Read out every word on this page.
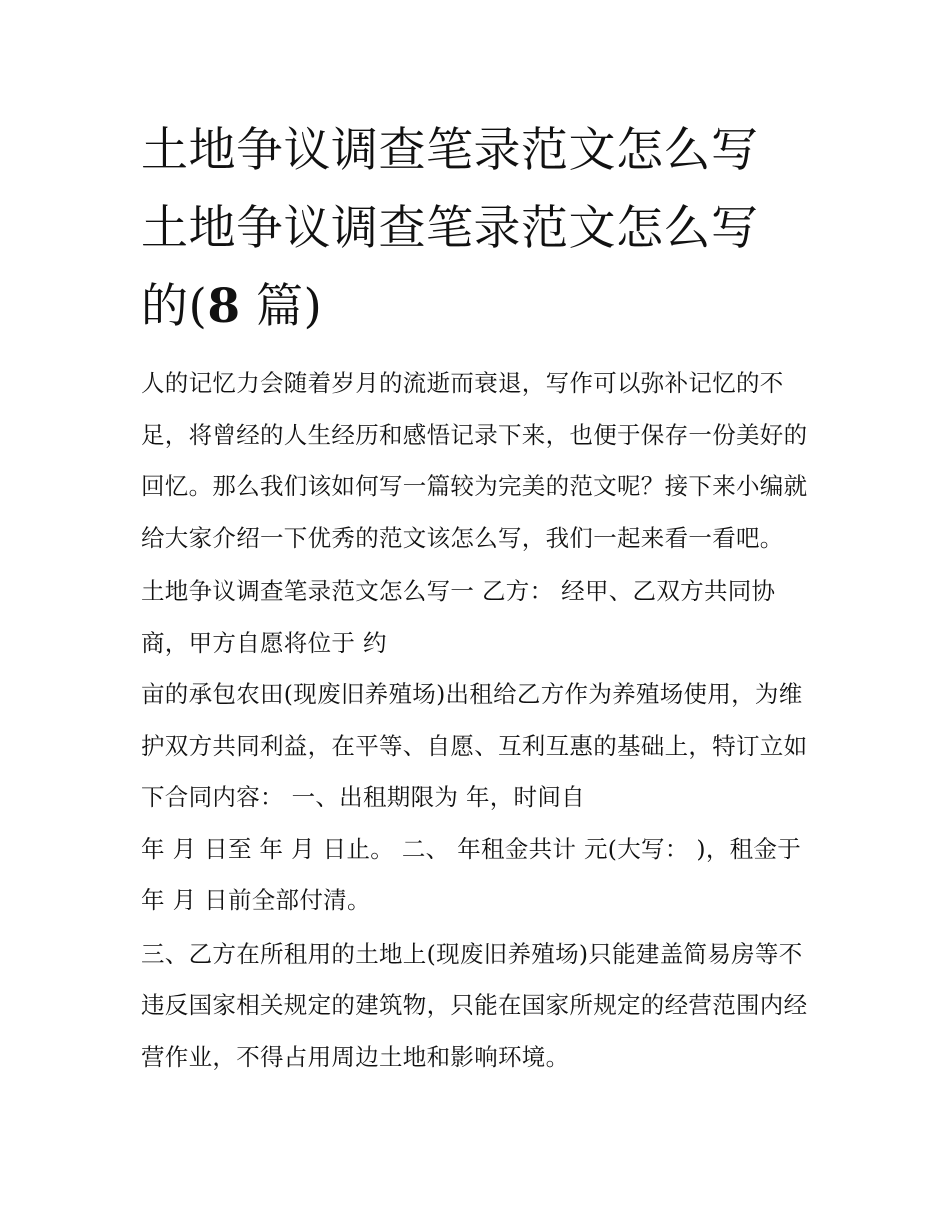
土地争议调查笔录范文怎么写
土地争议调查笔录范文怎么写
的(8 篇)

人的记忆力会随着岁月的流逝而衰退，写作可以弥补记忆的不足，将曾经的人生经历和感悟记录下来，也便于保存一份美好的回忆。那么我们该如何写一篇较为完美的范文呢？接下来小编就给大家介绍一下优秀的范文该怎么写，我们一起来看一看吧。

土地争议调查笔录范文怎么写一 乙方： 经甲、乙双方共同协商，甲方自愿将位于 约

亩的承包农田(现废旧养殖场)出租给乙方作为养殖场使用，为维护双方共同利益，在平等、自愿、互利互惠的基础上，特订立如下合同内容： 一、出租期限为 年，时间自

年 月 日至 年 月 日止。 二、 年租金共计 元(大写： )，租金于 年 月 日前全部付清。

三、乙方在所租用的土地上(现废旧养殖场)只能建盖简易房等不违反国家相关规定的建筑物，只能在国家所规定的经营范围内经营作业，不得占用周边土地和影响环境。
